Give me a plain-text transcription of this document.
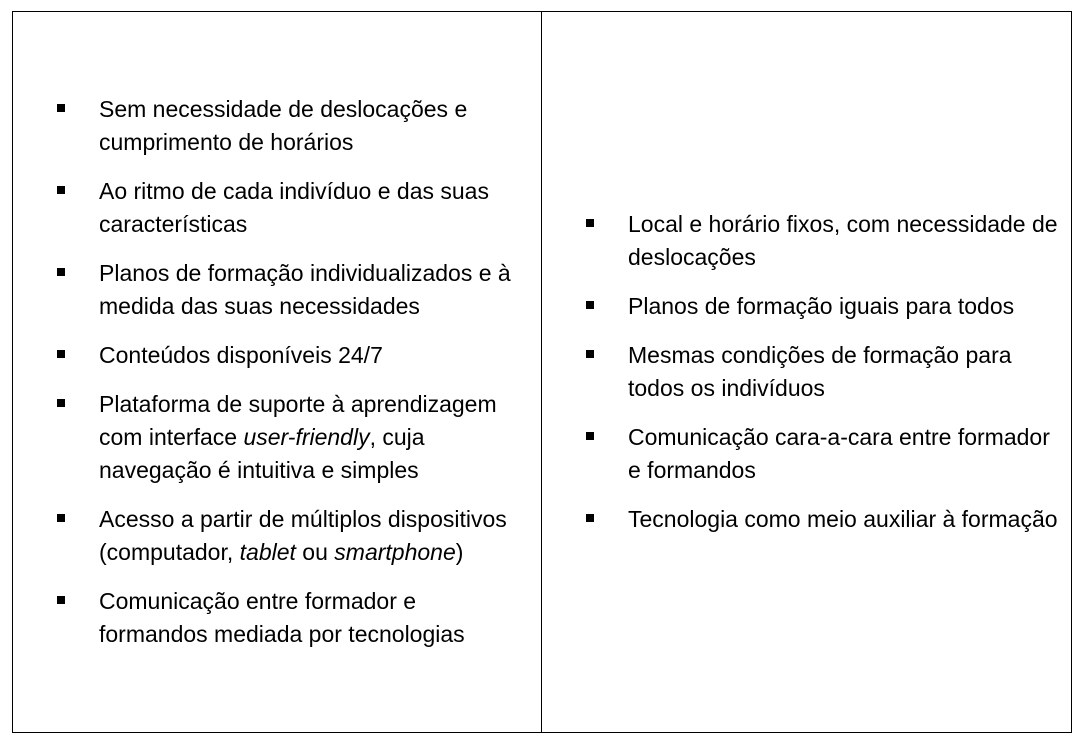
Sem necessidade de deslocações e cumprimento de horários
Ao ritmo de cada indivíduo e das suas características
Planos de formação individualizados e à medida das suas necessidades
Conteúdos disponíveis 24/7
Plataforma de suporte à aprendizagem com interface user-friendly, cuja navegação é intuitiva e simples
Acesso a partir de múltiplos dispositivos (computador, tablet ou smartphone)
Comunicação entre formador e formandos mediada por tecnologias
Local e horário fixos, com necessidade de deslocações
Planos de formação iguais para todos
Mesmas condições de formação para todos os indivíduos
Comunicação cara-a-cara entre formador e formandos
Tecnologia como meio auxiliar à formação
